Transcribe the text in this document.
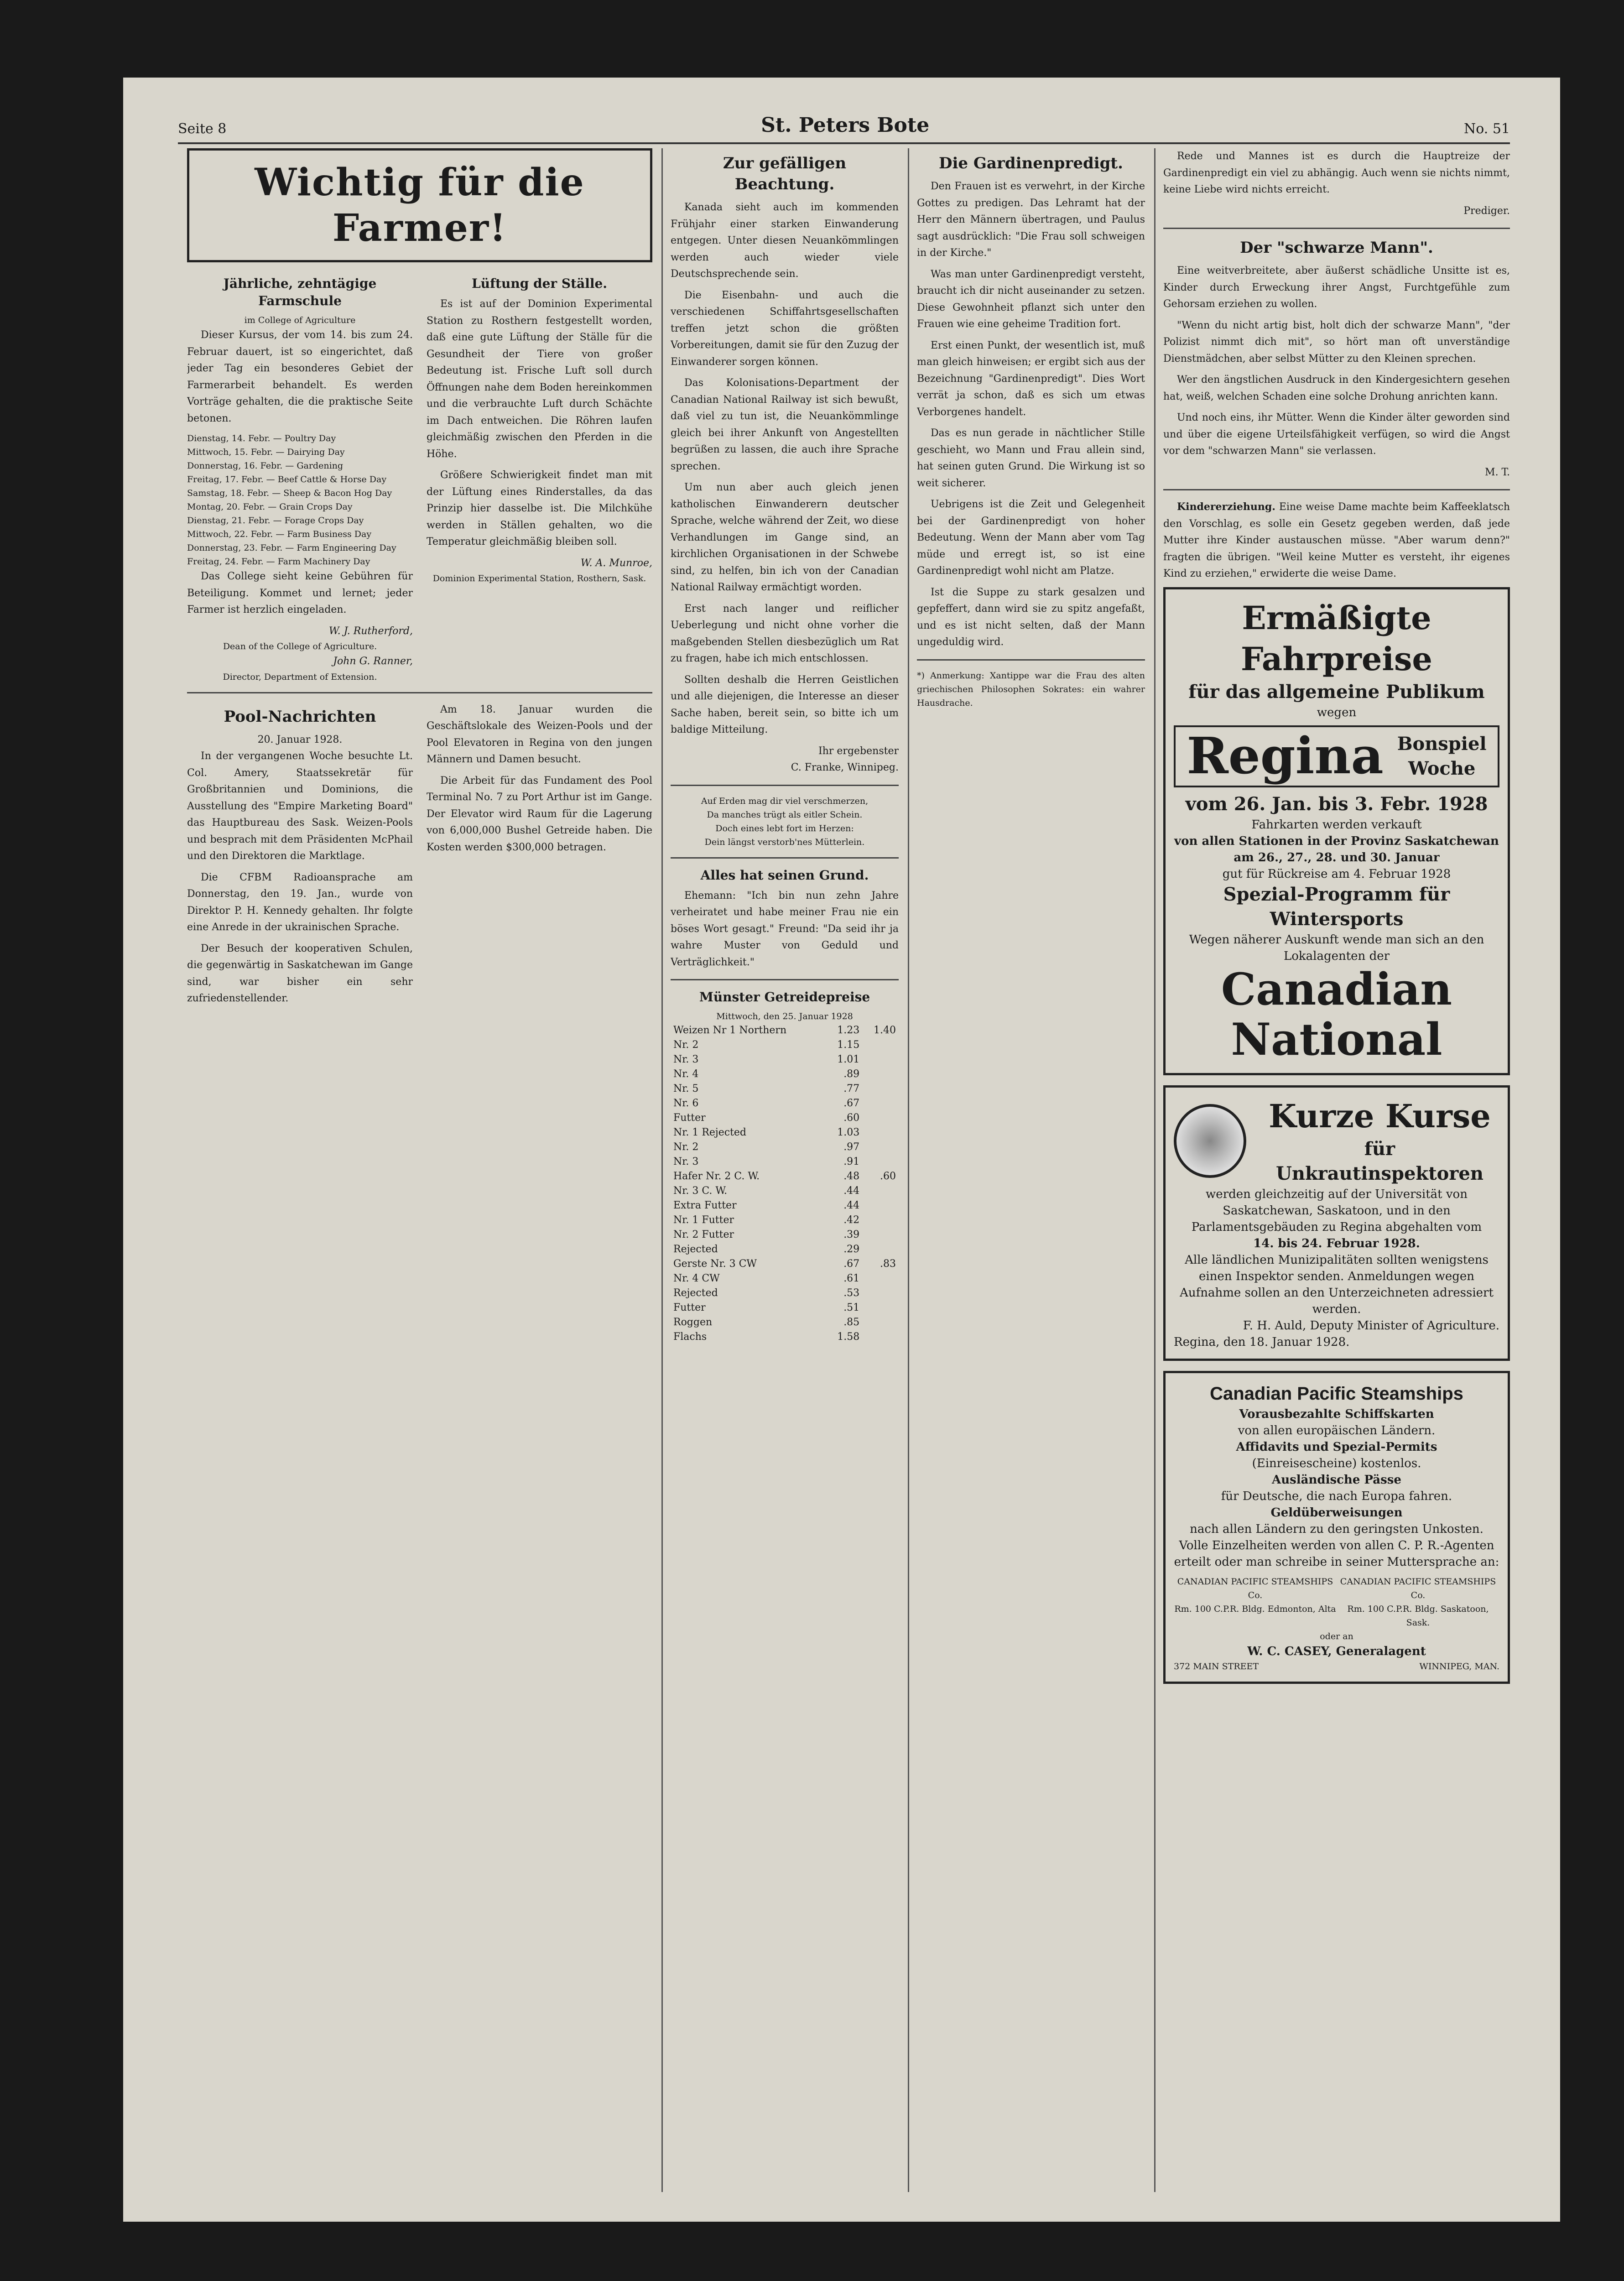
Seite 8	St. Peters Bote	No. 51
Wichtig für die Farmer!
Jährliche, zehntägige Farmschule
im College of Agriculture

Dieser Kursus, der vom 14. bis zum 24. Februar dauert, ist so eingerichtet, daß jeder Tag ein besonderes Gebiet der Farmerarbeit behandelt. Es werden Vorträge gehalten, die die praktische Seite betonen.

Dienstag, 14. Febr. — Poultry Day
Mittwoch, 15. Febr. — Dairying Day
Donnerstag, 16. Febr. — Gardening
Freitag, 17. Febr. — Beef Cattle & Horse Day
Samstag, 18. Febr. — Sheep & Bacon Hog Day
Montag, 20. Febr. — Grain Crops Day
Dienstag, 21. Febr. — Forage Crops Day
Mittwoch, 22. Febr. — Farm Business Day
Donnerstag, 23. Febr. — Farm Engineering Day
Freitag, 24. Febr. — Farm Machinery Day

Das College sieht keine Gebühren für Beteiligung. Kommet und lernet; jeder Farmer ist herzlich eingeladen.

W. J. Rutherford,
Dean of the College of Agriculture.
John G. Ranner,
Director, Department of Extension.
Lüftung der Ställe.

Es ist auf der Dominion Experimental Station zu Rosthern festgestellt worden, daß eine gute Lüftung der Ställe für die Gesundheit der Tiere von großer Bedeutung ist. Frische Luft soll durch Öffnungen nahe dem Boden hereinkommen und die verbrauchte Luft durch Schächte im Dach entweichen. Die Röhren laufen gleichmäßig zwischen den Pferden in die Höhe.

Größere Schwierigkeit findet man mit der Lüftung eines Rinderstalles, da das Prinzip hier dasselbe ist. Die Milchkühe werden in Ställen gehalten, wo die Temperatur gleichmäßig bleiben soll.

W. A. Munroe,
Dominion Experimental Station, Rosthern, Sask.
Pool-Nachrichten
20. Januar 1928.

In der vergangenen Woche besuchte Lt. Col. Amery, Staatssekretär für Großbritannien und Dominions, die Ausstellung des "Empire Marketing Board" das Hauptbureau des Sask. Weizen-Pools und besprach mit dem Präsidenten McPhail und den Direktoren die Marktlage.

Die CFBM Radioansprache am Donnerstag, den 19. Jan., wurde von Direktor P. H. Kennedy gehalten. Ihr folgte eine Anrede in der ukrainischen Sprache.

Der Besuch der kooperativen Schulen, die gegenwärtig in Saskatchewan im Gange sind, war bisher ein sehr zufriedenstellender.

Am 18. Januar wurden die Geschäftslokale des Weizen-Pools und der Pool Elevatoren in Regina von den jungen Männern und Damen besucht.

Die Arbeit für das Fundament des Pool Terminal No. 7 zu Port Arthur ist im Gange. Der Elevator wird Raum für die Lagerung von 6,000,000 Bushel Getreide haben. Die Kosten werden $300,000 betragen.

Zur gefälligen Beachtung.

Kanada sieht auch im kommenden Frühjahr einer starken Einwanderung entgegen. Unter diesen Neuankömmlingen werden auch wieder viele Deutschsprechende sein.

Die Eisenbahn- und auch die verschiedenen Schiffahrtsgesellschaften treffen jetzt schon die größten Vorbereitungen, damit sie für den Zuzug der Einwanderer sorgen können.

Das Kolonisations-Department der Canadian National Railway ist sich bewußt, daß viel zu tun ist, die Neuankömmlinge gleich bei ihrer Ankunft von Angestellten begrüßen zu lassen, die auch ihre Sprache sprechen.

Um nun aber auch gleich jenen katholischen Einwanderern deutscher Sprache, welche während der Zeit, wo diese Verhandlungen im Gange sind, an kirchlichen Organisationen in der Schwebe sind, zu helfen, bin ich von der Canadian National Railway ermächtigt worden.

Erst nach langer und reiflicher Ueberlegung und nicht ohne vorher die maßgebenden Stellen diesbezüglich um Rat zu fragen, habe ich mich entschlossen.

Sollten deshalb die Herren Geistlichen und alle diejenigen, die Interesse an dieser Sache haben, bereit sein, so bitte ich um baldige Mitteilung.

Ihr ergebenster
C. Franke, Winnipeg.
Auf Erden mag dir viel verschmerzen,
Da manches trügt als eitler Schein.
Doch eines lebt fort im Herzen:
Dein längst verstorb'nes Mütterlein.
Alles hat seinen Grund.

Ehemann: "Ich bin nun zehn Jahre verheiratet und habe meiner Frau nie ein böses Wort gesagt." Freund: "Da seid ihr ja wahre Muster von Geduld und Verträglichkeit."

Münster Getreidepreise
Mittwoch, den 25. Januar 1928
Weizen Nr 1 Northern	1.23	1.40
Nr. 2	1.15	
Nr. 3	1.01	
Nr. 4	.89	
Nr. 5	.77	
Nr. 6	.67	
Futter	.60	
Nr. 1 Rejected	1.03	
Nr. 2	.97	
Nr. 3	.91	
Hafer Nr. 2 C. W.	.48	.60
Nr. 3 C. W.	.44	
Extra Futter	.44	
Nr. 1 Futter	.42	
Nr. 2 Futter	.39	
Rejected	.29	
Gerste Nr. 3 CW	.67	.83
Nr. 4 CW	.61	
Rejected	.53	
Futter	.51	
Roggen	.85	
Flachs	1.58	
Die Gardinenpredigt.

Den Frauen ist es verwehrt, in der Kirche Gottes zu predigen. Das Lehramt hat der Herr den Männern übertragen, und Paulus sagt ausdrücklich: "Die Frau soll schweigen in der Kirche."

Was man unter Gardinenpredigt versteht, braucht ich dir nicht auseinander zu setzen. Diese Gewohnheit pflanzt sich unter den Frauen wie eine geheime Tradition fort.

Erst einen Punkt, der wesentlich ist, muß man gleich hinweisen; er ergibt sich aus der Bezeichnung "Gardinenpredigt". Dies Wort verrät ja schon, daß es sich um etwas Verborgenes handelt.

Das es nun gerade in nächtlicher Stille geschieht, wo Mann und Frau allein sind, hat seinen guten Grund. Die Wirkung ist so weit sicherer.

Uebrigens ist die Zeit und Gelegenheit bei der Gardinenpredigt von hoher Bedeutung. Wenn der Mann aber vom Tag müde und erregt ist, so ist eine Gardinenpredigt wohl nicht am Platze.

Ist die Suppe zu stark gesalzen und gepfeffert, dann wird sie zu spitz angefaßt, und es ist nicht selten, daß der Mann ungeduldig wird.

*) Anmerkung: Xantippe war die Frau des alten griechischen Philosophen Sokrates: ein wahrer Hausdrache.

Rede und Mannes ist es durch die Hauptreize der Gardinenpredigt ein viel zu abhängig. Auch wenn sie nichts nimmt, keine Liebe wird nichts erreicht.

Prediger.
Der "schwarze Mann".

Eine weitverbreitete, aber äußerst schädliche Unsitte ist es, Kinder durch Erweckung ihrer Angst, Furchtgefühle zum Gehorsam erziehen zu wollen.

"Wenn du nicht artig bist, holt dich der schwarze Mann", "der Polizist nimmt dich mit", so hört man oft unverständige Dienstmädchen, aber selbst Mütter zu den Kleinen sprechen.

Wer den ängstlichen Ausdruck in den Kindergesichtern gesehen hat, weiß, welchen Schaden eine solche Drohung anrichten kann.

Und noch eins, ihr Mütter. Wenn die Kinder älter geworden sind und über die eigene Urteilsfähigkeit verfügen, so wird die Angst vor dem "schwarzen Mann" sie verlassen.

M. T.

Kindererziehung. Eine weise Dame machte beim Kaffeeklatsch den Vorschlag, es solle ein Gesetz gegeben werden, daß jede Mutter ihre Kinder austauschen müsse. "Aber warum denn?" fragten die übrigen. "Weil keine Mutter es versteht, ihr eigenes Kind zu erziehen," erwiderte die weise Dame.

Ermäßigte Fahrpreise
für das allgemeine Publikum
wegen
Regina Bonspiel
Woche
vom 26. Jan. bis 3. Febr. 1928
Fahrkarten werden verkauft
von allen Stationen in der Provinz Saskatchewan
am 26., 27., 28. und 30. Januar
gut für Rückreise am 4. Februar 1928
Spezial-Programm für Wintersports
Wegen näherer Auskunft wende man sich an den Lokalagenten der
Canadian National
Kurze Kurse
für Unkrautinspektoren
werden gleichzeitig auf der Universität von Saskatchewan, Saskatoon, und in den Parlamentsgebäuden zu Regina abgehalten vom
14. bis 24. Februar 1928.
Alle ländlichen Munizipalitäten sollten wenigstens einen Inspektor senden. Anmeldungen wegen Aufnahme sollen an den Unterzeichneten adressiert werden.
F. H. Auld, Deputy Minister of Agriculture.
Regina, den 18. Januar 1928.
Canadian Pacific Steamships
Vorausbezahlte Schiffskarten
von allen europäischen Ländern.
Affidavits und Spezial-Permits
(Einreisescheine) kostenlos.
Ausländische Pässe
für Deutsche, die nach Europa fahren.
Geldüberweisungen
nach allen Ländern zu den geringsten Unkosten.
Volle Einzelheiten werden von allen C. P. R.-Agenten erteilt oder man schreibe in seiner Muttersprache an:
CANADIAN PACIFIC STEAMSHIPS Co.
Rm. 100 C.P.R. Bldg. Edmonton, Alta
CANADIAN PACIFIC STEAMSHIPS Co.
Rm. 100 C.P.R. Bldg. Saskatoon, Sask.
oder an
W. C. CASEY, Generalagent
372 MAIN STREET	WINNIPEG, MAN.
